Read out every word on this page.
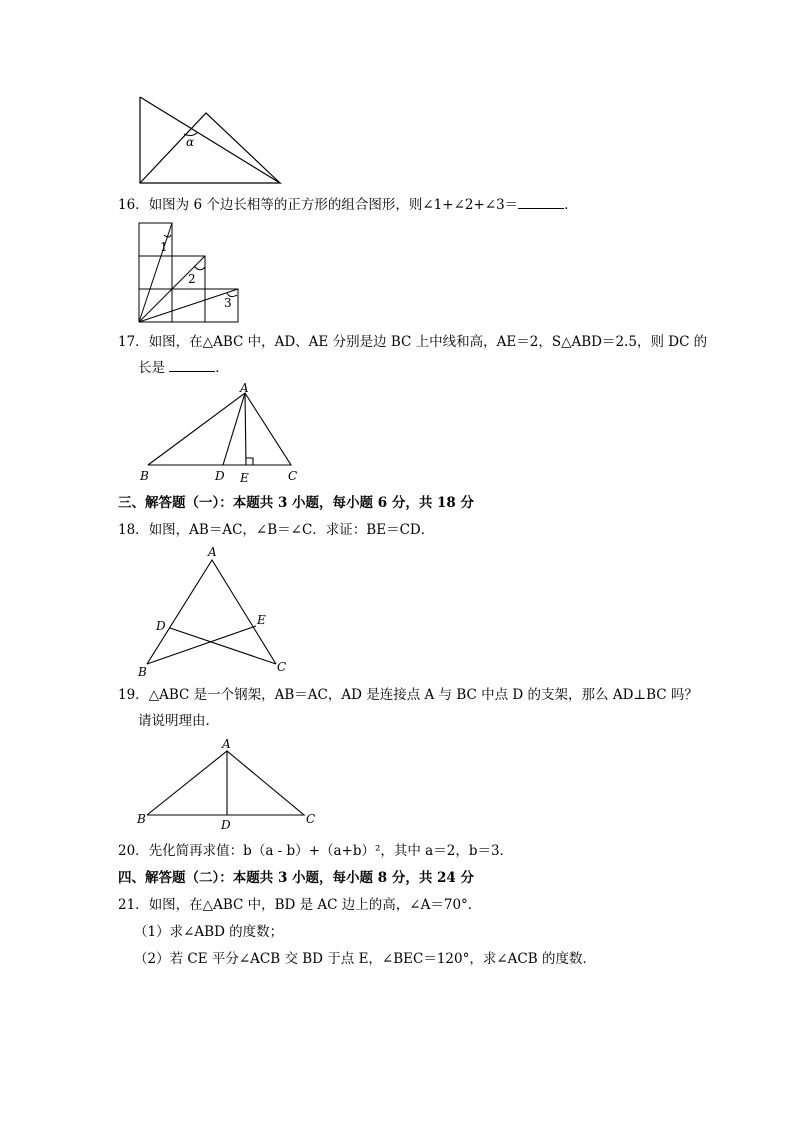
α
16．如图为 6 个边长相等的正方形的组合图形，则∠1+∠2+∠3＝	．
1
2
3
17．如图，在△ABC 中，AD、AE 分别是边 BC 上中线和高，AE＝2，S△ABD＝2.5，则 DC 的
长是	．
A
B	D E	C
三、解答题（一）：本题共 3 小题，每小题 6 分，共 18 分
18．如图，AB＝AC，∠B＝∠C．求证：BE＝CD．
A
B	C
D	E
19．△ABC 是一个钢架，AB＝AC，AD 是连接点 A 与 BC 中点 D 的支架，那么 AD⊥BC 吗？
请说明理由．
A
B	C
D
20．先化简再求值：b（a - b）+（a+b）²，其中 a＝2，b＝3．
四、解答题（二）：本题共 3 小题，每小题 8 分，共 24 分
21．如图，在△ABC 中，BD 是 AC 边上的高，∠A＝70°．
（1）求∠ABD 的度数；
（2）若 CE 平分∠ACB 交 BD 于点 E，∠BEC＝120°，求∠ACB 的度数．
